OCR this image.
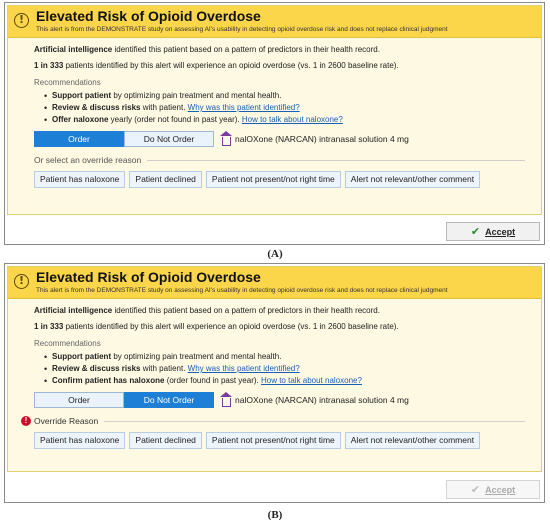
! Elevated Risk of Opioid Overdose
This alert is from the DEMONSTRATE study on assessing AI's usability in detecting opioid overdose risk and does not replace clinical judgment
Artificial intelligence identified this patient based on a pattern of predictors in their health record.
1 in 333 patients identified by this alert will experience an opioid overdose (vs. 1 in 2600 baseline rate).
Recommendations
• Support patient by optimizing pain treatment and mental health.
• Review & discuss risks with patient. Why was this patient identified?
• Offer naloxone yearly (order not found in past year). How to talk about naloxone?
Order	Do Not Order	nalOXone (NARCAN) intranasal solution 4 mg
Or select an override reason
Patient has naloxone	Patient declined	Patient not present/not right time	Alert not relevant/other comment
✔ Accept
(A)
! Elevated Risk of Opioid Overdose
This alert is from the DEMONSTRATE study on assessing AI's usability in detecting opioid overdose risk and does not replace clinical judgment
Artificial intelligence identified this patient based on a pattern of predictors in their health record.
1 in 333 patients identified by this alert will experience an opioid overdose (vs. 1 in 2600 baseline rate).
Recommendations
• Support patient by optimizing pain treatment and mental health.
• Review & discuss risks with patient. Why was this patient identified?
• Confirm patient has naloxone (order found in past year). How to talk about naloxone?
Order	Do Not Order	nalOXone (NARCAN) intranasal solution 4 mg
! Override Reason
Patient has naloxone	Patient declined	Patient not present/not right time	Alert not relevant/other comment
✔ Accept
(B)
